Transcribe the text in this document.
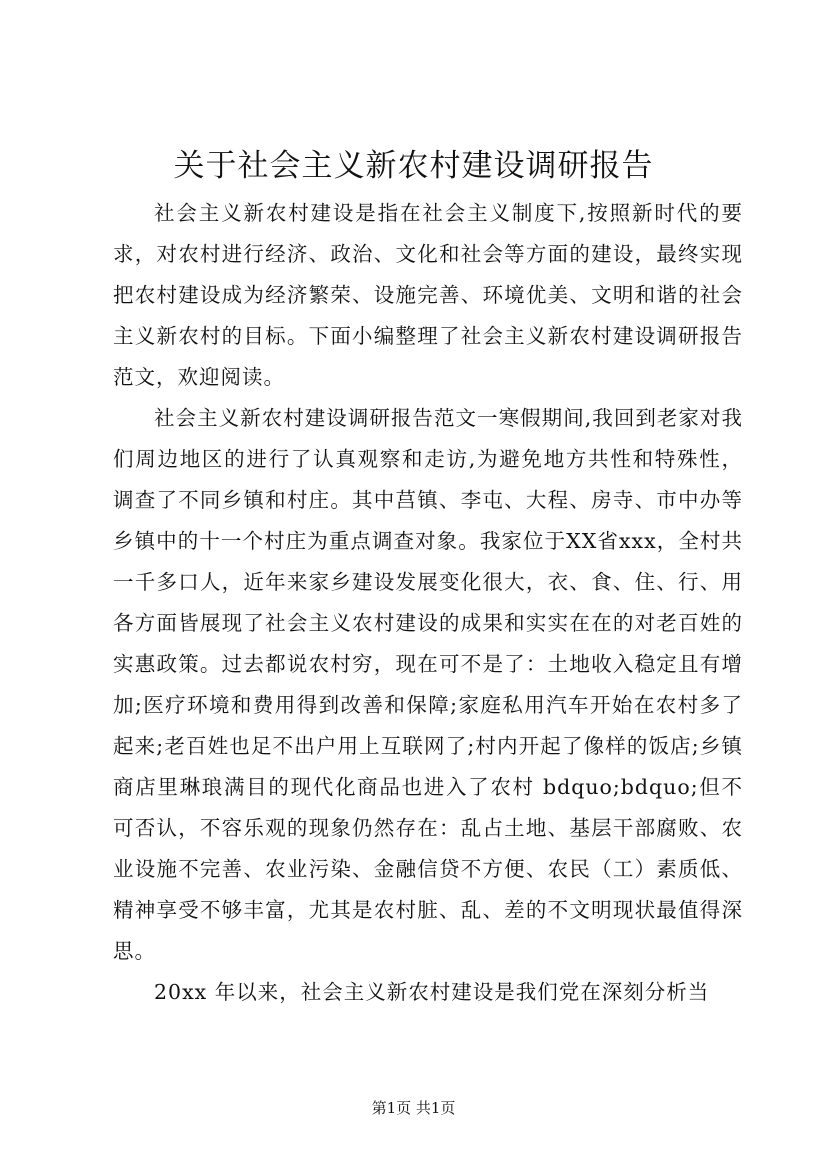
关于社会主义新农村建设调研报告

社会主义新农村建设是指在社会主义制度下,按照新时代的要求，对农村进行经济、政治、文化和社会等方面的建设，最终实现把农村建设成为经济繁荣、设施完善、环境优美、文明和谐的社会主义新农村的目标。下面小编整理了社会主义新农村建设调研报告范文，欢迎阅读。

社会主义新农村建设调研报告范文一寒假期间,我回到老家对我们周边地区的进行了认真观察和走访,为避免地方共性和特殊性，调查了不同乡镇和村庄。其中莒镇、李屯、大程、房寺、市中办等乡镇中的十一个村庄为重点调查对象。我家位于XX省xxx，全村共一千多口人，近年来家乡建设发展变化很大，衣、食、住、行、用各方面皆展现了社会主义农村建设的成果和实实在在的对老百姓的实惠政策。过去都说农村穷，现在可不是了：土地收入稳定且有增加;医疗环境和费用得到改善和保障;家庭私用汽车开始在农村多了起来;老百姓也足不出户用上互联网了;村内开起了像样的饭店;乡镇商店里琳琅满目的现代化商品也进入了农村 bdquo;bdquo;但不可否认，不容乐观的现象仍然存在：乱占土地、基层干部腐败、农业设施不完善、农业污染、金融信贷不方便、农民（工）素质低、精神享受不够丰富，尤其是农村脏、乱、差的不文明现状最值得深思。

20xx 年以来，社会主义新农村建设是我们党在深刻分析当

第1页 共1页
